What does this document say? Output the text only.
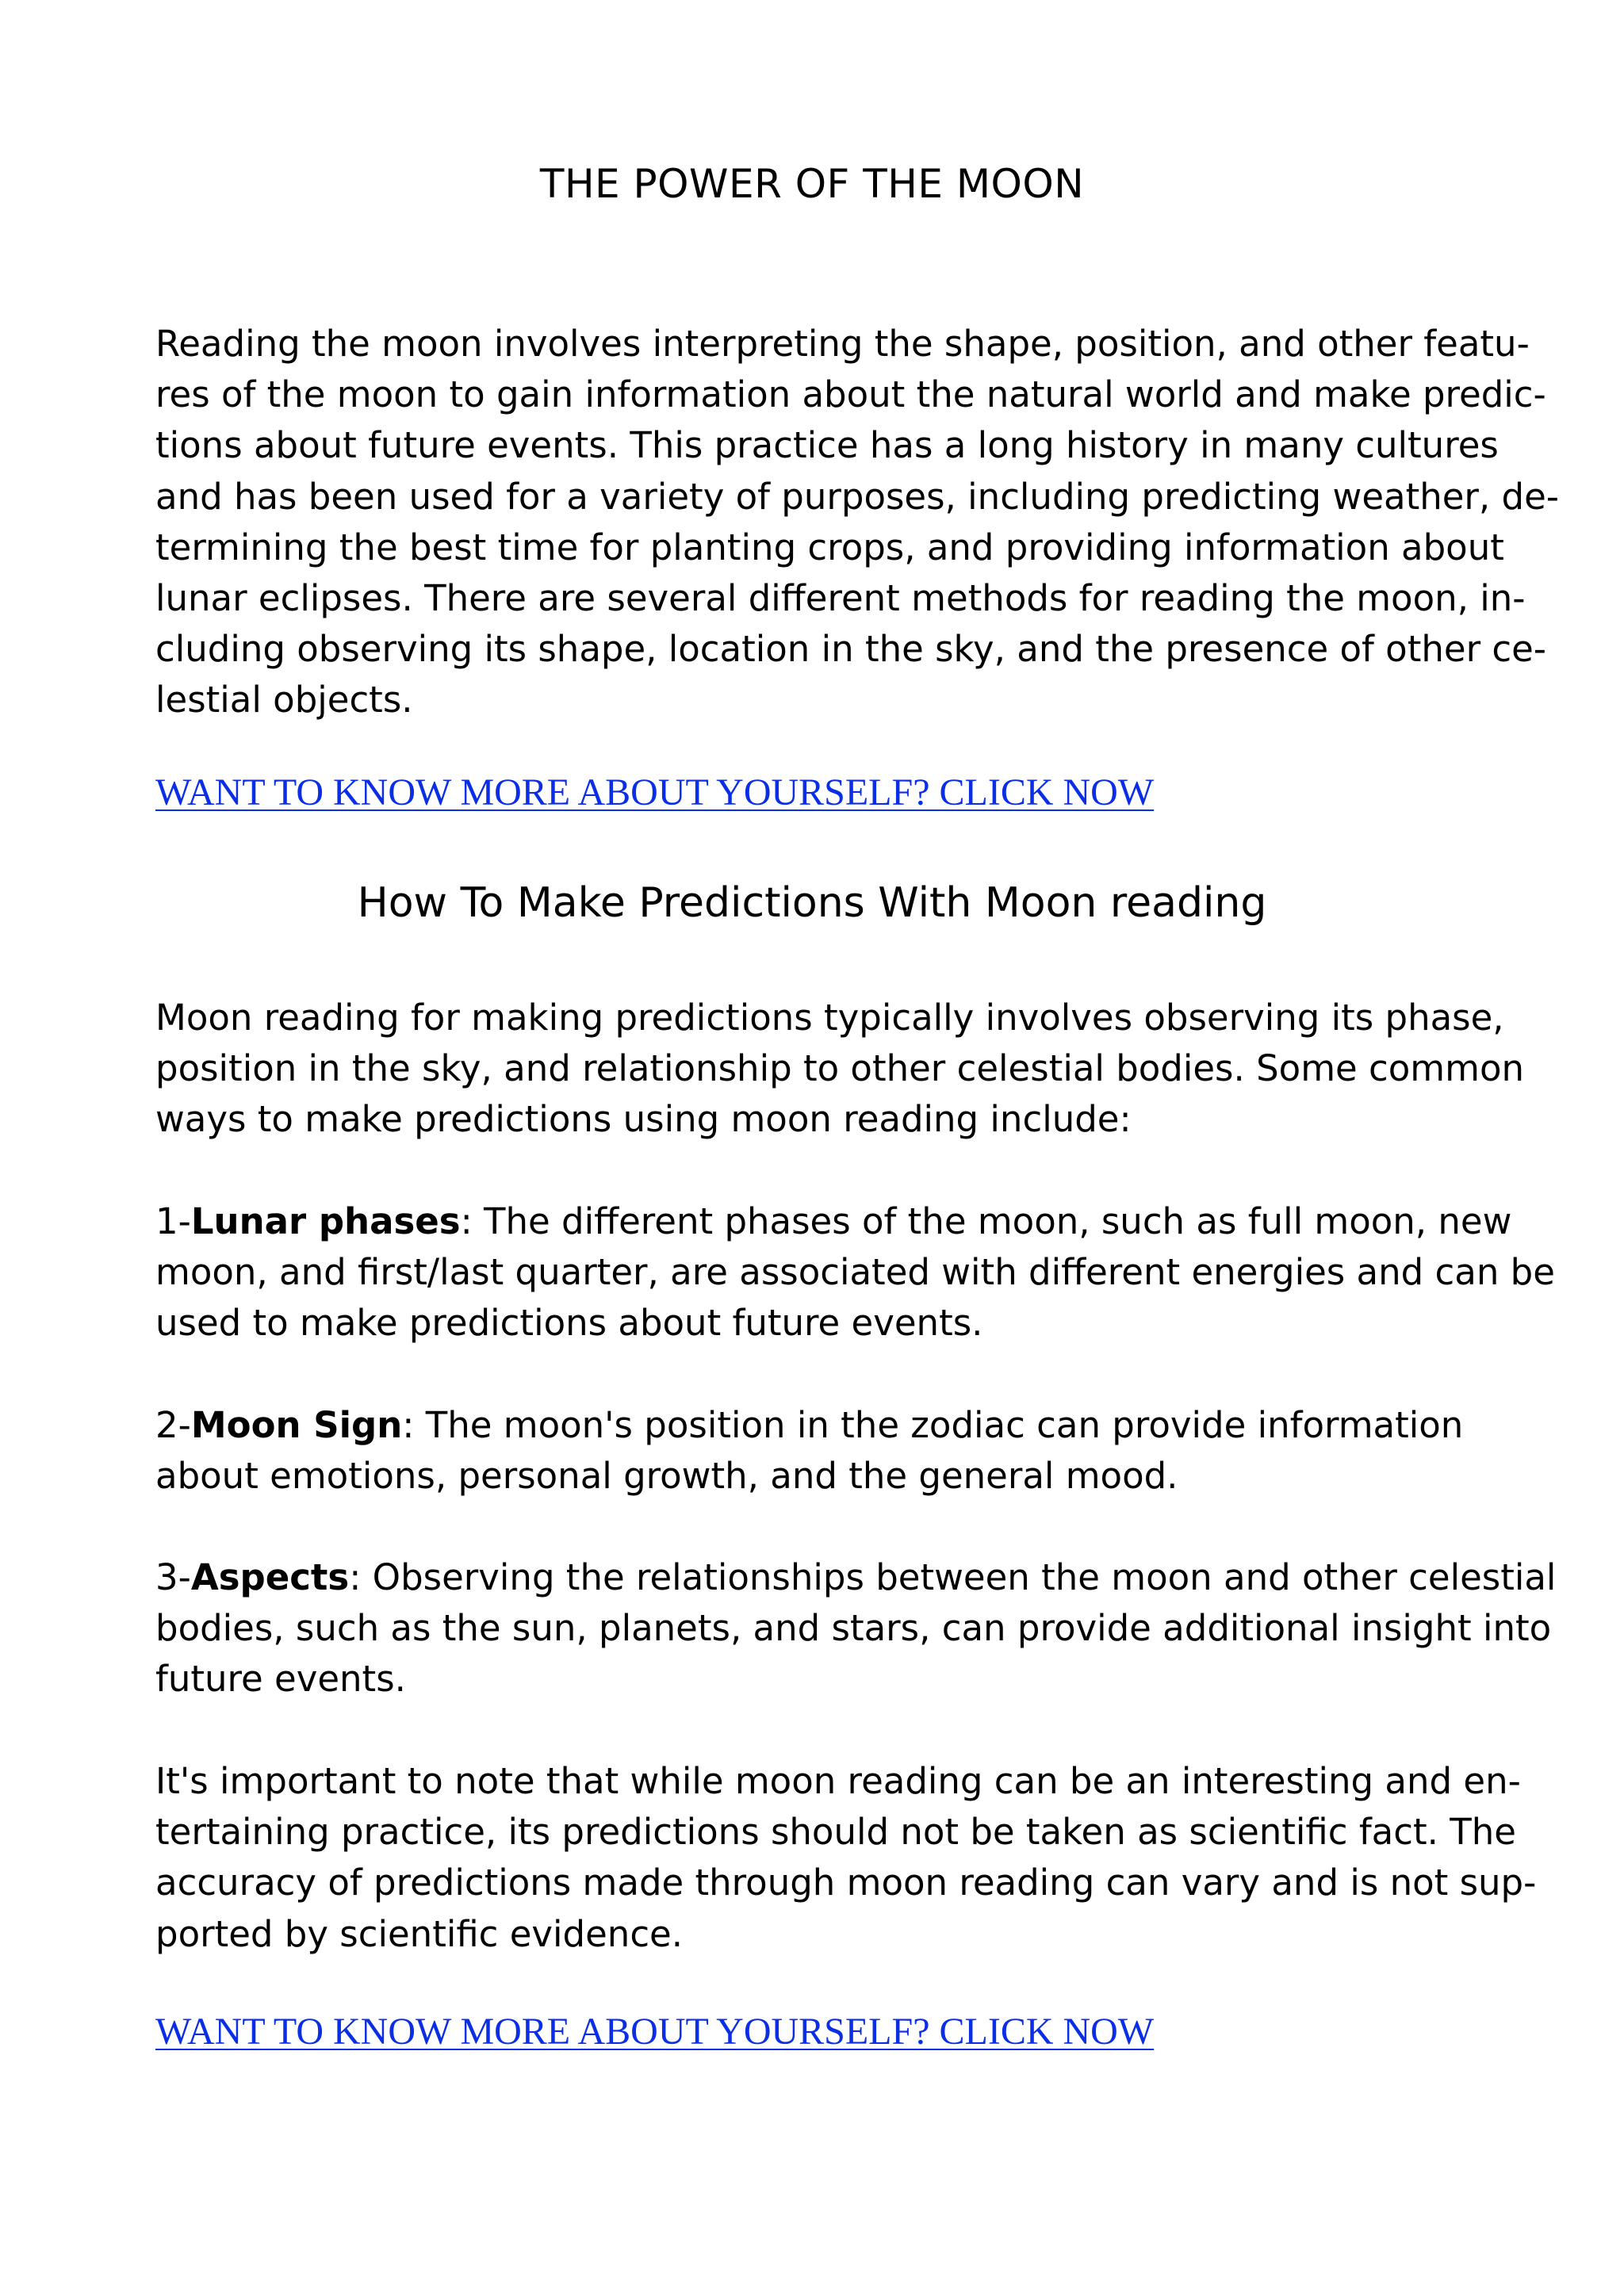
THE POWER OF THE MOON

Reading the moon involves interpreting the shape, position, and other featu-
res of the moon to gain information about the natural world and make predic-
tions about future events. This practice has a long history in many cultures
and has been used for a variety of purposes, including predicting weather, de-
termining the best time for planting crops, and providing information about
lunar eclipses. There are several different methods for reading the moon, in-
cluding observing its shape, location in the sky, and the presence of other ce-
lestial objects.

WANT TO KNOW MORE ABOUT YOURSELF? CLICK NOW
How To Make Predictions With Moon reading

Moon reading for making predictions typically involves observing its phase,
position in the sky, and relationship to other celestial bodies. Some common
ways to make predictions using moon reading include:

1-Lunar phases: The different phases of the moon, such as full moon, new
moon, and first/last quarter, are associated with different energies and can be
used to make predictions about future events.

2-Moon Sign: The moon's position in the zodiac can provide information
about emotions, personal growth, and the general mood.

3-Aspects: Observing the relationships between the moon and other celestial
bodies, such as the sun, planets, and stars, can provide additional insight into
future events.

It's important to note that while moon reading can be an interesting and en-
tertaining practice, its predictions should not be taken as scientific fact. The
accuracy of predictions made through moon reading can vary and is not sup-
ported by scientific evidence.

WANT TO KNOW MORE ABOUT YOURSELF? CLICK NOW
